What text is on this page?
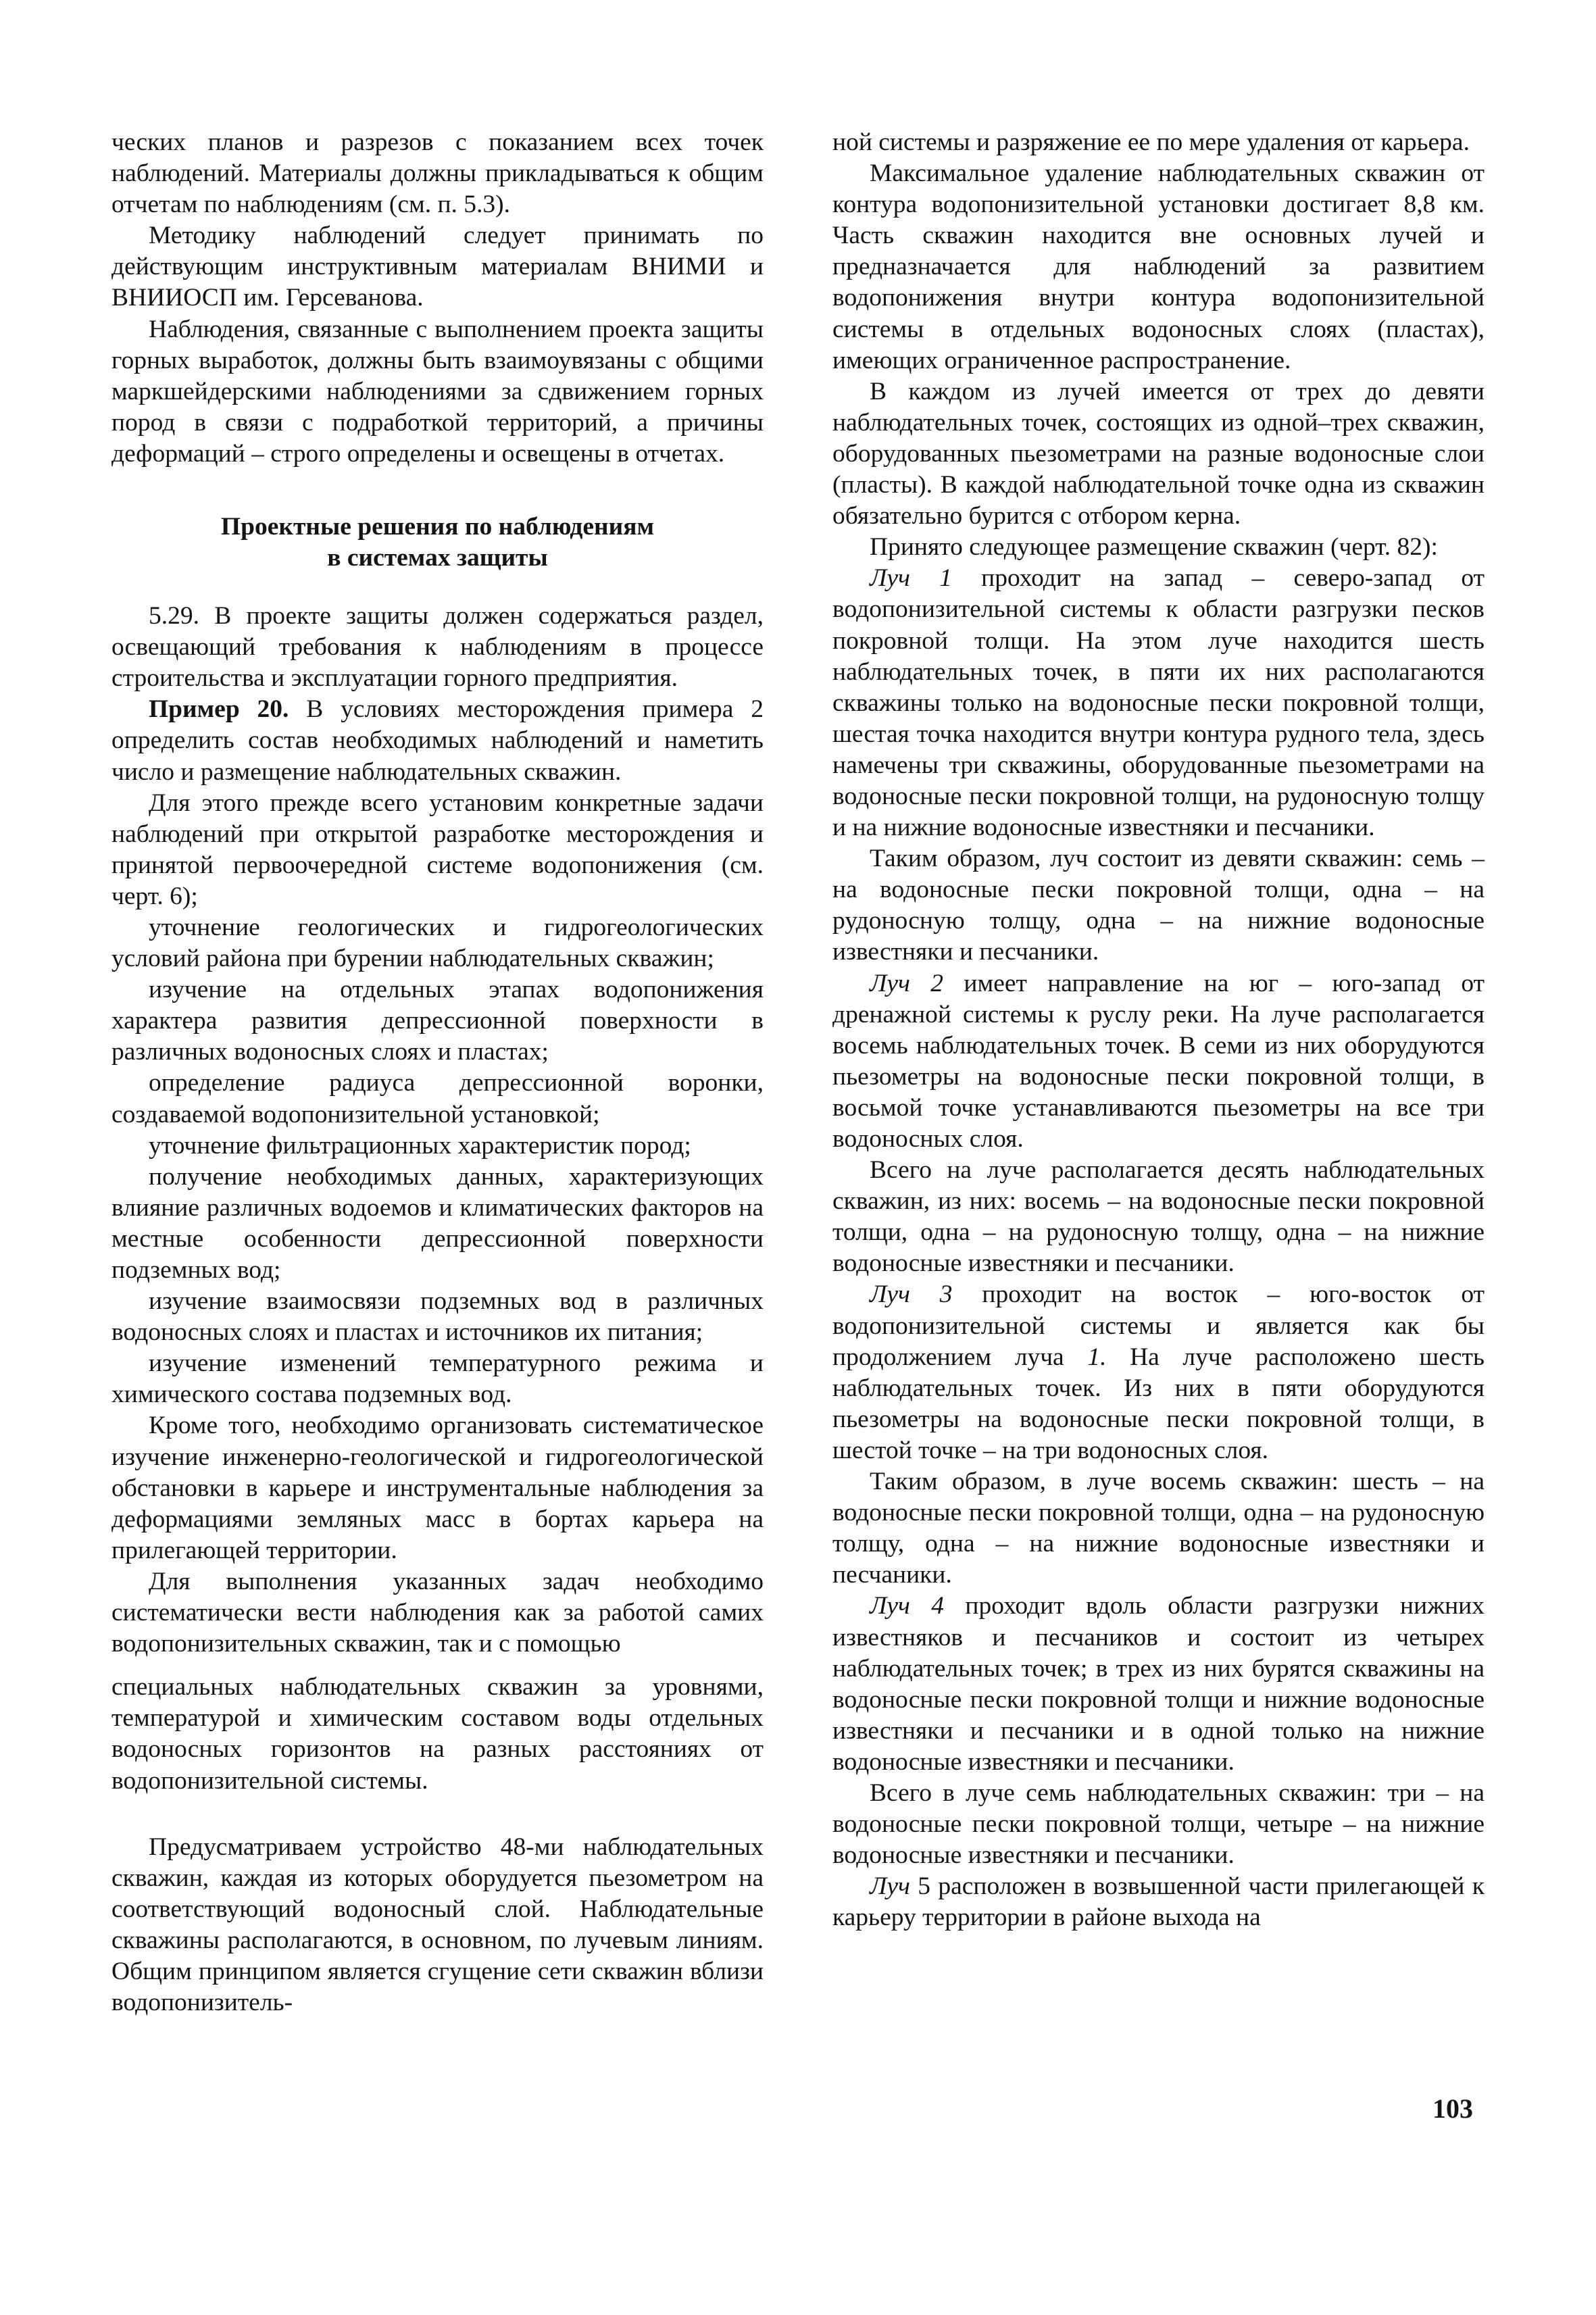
ческих планов и разрезов с показанием всех точек наблюдений. Материалы должны прикладываться к общим отчетам по наблюдениям (см. п. 5.3).

Методику наблюдений следует принимать по действующим инструктивным материалам ВНИМИ и ВНИИОСП им. Герсеванова.

Наблюдения, связанные с выполнением проекта защиты горных выработок, должны быть взаимоувязаны с общими маркшейдерскими наблюдениями за сдвижением горных пород в связи с подработкой территорий, а причины деформаций – строго определены и освещены в отчетах.

Проектные решения по наблюдениям
в системах защиты

5.29. В проекте защиты должен содержаться раздел, освещающий требования к наблюдениям в процессе строительства и эксплуатации горного предприятия.

Пример 20. В условиях месторождения примера 2 определить состав необходимых наблюдений и наметить число и размещение наблюдательных скважин.

Для этого прежде всего установим конкретные задачи наблюдений при открытой разработке месторождения и принятой первоочередной системе водопонижения (см. черт. 6);

уточнение геологических и гидрогеологических условий района при бурении наблюдательных скважин;

изучение на отдельных этапах водопонижения характера развития депрессионной поверхности в различных водоносных слоях и пластах;

определение радиуса депрессионной воронки, создаваемой водопонизительной установкой;

уточнение фильтрационных характеристик пород;

получение необходимых данных, характеризующих влияние различных водоемов и климатических факторов на местные особенности депрессионной поверхности подземных вод;

изучение взаимосвязи подземных вод в различных водоносных слоях и пластах и источников их питания;

изучение изменений температурного режима и химического состава подземных вод.

Кроме того, необходимо организовать систематическое изучение инженерно-геологической и гидрогеологической обстановки в карьере и инструментальные наблюдения за деформациями земляных масс в бортах карьера на прилегающей территории.

Для выполнения указанных задач необходимо систематически вести наблюдения как за работой самих водопонизительных скважин, так и с помощью

специальных наблюдательных скважин за уровнями, температурой и химическим составом воды отдельных водоносных горизонтов на разных расстояниях от водопонизительной системы.

Предусматриваем устройство 48-ми наблюдательных скважин, каждая из которых оборудуется пьезометром на соответствующий водоносный слой. Наблюдательные скважины располагаются, в основном, по лучевым линиям. Общим принципом является сгущение сети скважин вблизи водопонизитель-

ной системы и разряжение ее по мере удаления от карьера.

Максимальное удаление наблюдательных скважин от контура водопонизительной установки достигает 8,8 км. Часть скважин находится вне основных лучей и предназначается для наблюдений за развитием водопонижения внутри контура водопонизительной системы в отдельных водоносных слоях (пластах), имеющих ограниченное распространение.

В каждом из лучей имеется от трех до девяти наблюдательных точек, состоящих из одной–трех скважин, оборудованных пьезометрами на разные водоносные слои (пласты). В каждой наблюдательной точке одна из скважин обязательно бурится с отбором керна.

Принято следующее размещение скважин (черт. 82):

Луч 1 проходит на запад – северо-запад от водопонизительной системы к области разгрузки песков покровной толщи. На этом луче находится шесть наблюдательных точек, в пяти их них располагаются скважины только на водоносные пески покровной толщи, шестая точка находится внутри контура рудного тела, здесь намечены три скважины, оборудованные пьезометрами на водоносные пески покровной толщи, на рудоносную толщу и на нижние водоносные известняки и песчаники.

Таким образом, луч состоит из девяти скважин: семь – на водоносные пески покровной толщи, одна – на рудоносную толщу, одна – на нижние водоносные известняки и песчаники.

Луч 2 имеет направление на юг – юго-запад от дренажной системы к руслу реки. На луче располагается восемь наблюдательных точек. В семи из них оборудуются пьезометры на водоносные пески покровной толщи, в восьмой точке устанавливаются пьезометры на все три водоносных слоя.

Всего на луче располагается десять наблюдательных скважин, из них: восемь – на водоносные пески покровной толщи, одна – на рудоносную толщу, одна – на нижние водоносные известняки и песчаники.

Луч 3 проходит на восток – юго-восток от водопонизительной системы и является как бы продолжением луча 1. На луче расположено шесть наблюдательных точек. Из них в пяти оборудуются пьезометры на водоносные пески покровной толщи, в шестой точке – на три водоносных слоя.

Таким образом, в луче восемь скважин: шесть – на водоносные пески покровной толщи, одна – на рудоносную толщу, одна – на нижние водоносные известняки и песчаники.

Луч 4 проходит вдоль области разгрузки нижних известняков и песчаников и состоит из четырех наблюдательных точек; в трех из них бурятся скважины на водоносные пески покровной толщи и нижние водоносные известняки и песчаники и в одной только на нижние водоносные известняки и песчаники.

Всего в луче семь наблюдательных скважин: три – на водоносные пески покровной толщи, четыре – на нижние водоносные известняки и песчаники.

Луч 5 расположен в возвышенной части прилегающей к карьеру территории в районе выхода на

103
